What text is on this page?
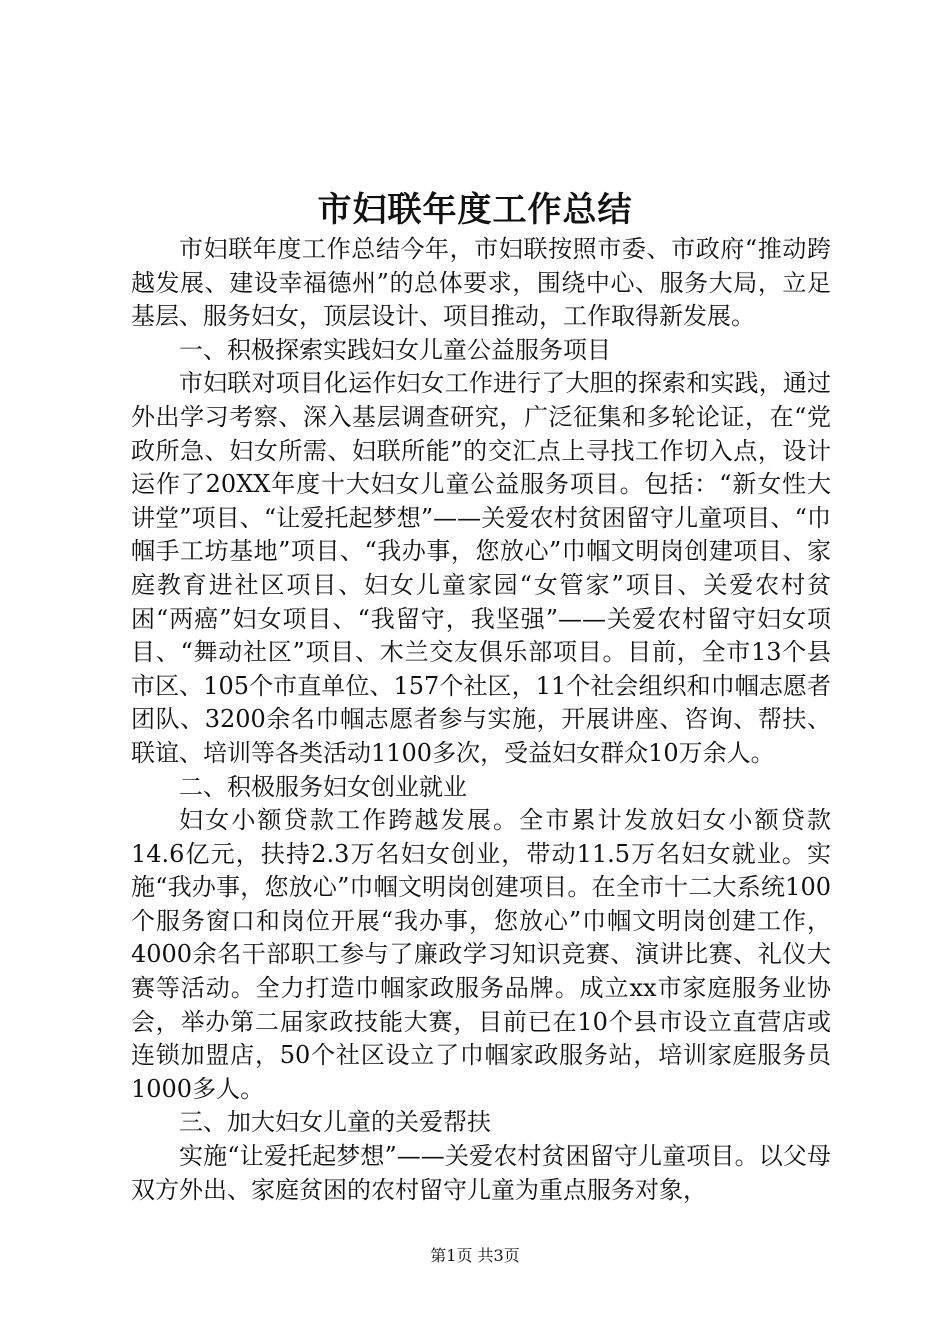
市妇联年度工作总结

市妇联年度工作总结今年，市妇联按照市委、市政府“推动跨越发展、建设幸福德州”的总体要求，围绕中心、服务大局，立足基层、服务妇女，顶层设计、项目推动，工作取得新发展。

一、积极探索实践妇女儿童公益服务项目

市妇联对项目化运作妇女工作进行了大胆的探索和实践，通过外出学习考察、深入基层调查研究，广泛征集和多轮论证，在“党政所急、妇女所需、妇联所能”的交汇点上寻找工作切入点，设计运作了20XX年度十大妇女儿童公益服务项目。包括：“新女性大讲堂”项目、“让爱托起梦想”——关爱农村贫困留守儿童项目、“巾帼手工坊基地”项目、“我办事，您放心”巾帼文明岗创建项目、家庭教育进社区项目、妇女儿童家园“女管家”项目、关爱农村贫困“两癌”妇女项目、“我留守，我坚强”——关爱农村留守妇女项目、“舞动社区”项目、木兰交友俱乐部项目。目前，全市13个县市区、105个市直单位、157个社区，11个社会组织和巾帼志愿者团队、3200余名巾帼志愿者参与实施，开展讲座、咨询、帮扶、联谊、培训等各类活动1100多次，受益妇女群众10万余人。

二、积极服务妇女创业就业

妇女小额贷款工作跨越发展。全市累计发放妇女小额贷款14.6亿元，扶持2.3万名妇女创业，带动11.5万名妇女就业。实施“我办事，您放心”巾帼文明岗创建项目。在全市十二大系统100个服务窗口和岗位开展“我办事，您放心”巾帼文明岗创建工作，4000余名干部职工参与了廉政学习知识竞赛、演讲比赛、礼仪大赛等活动。全力打造巾帼家政服务品牌。成立xx市家庭服务业协会，举办第二届家政技能大赛，目前已在10个县市设立直营店或连锁加盟店，50个社区设立了巾帼家政服务站，培训家庭服务员1000多人。

三、加大妇女儿童的关爱帮扶

实施“让爱托起梦想”——关爱农村贫困留守儿童项目。以父母双方外出、家庭贫困的农村留守儿童为重点服务对象，

第1页 共3页
